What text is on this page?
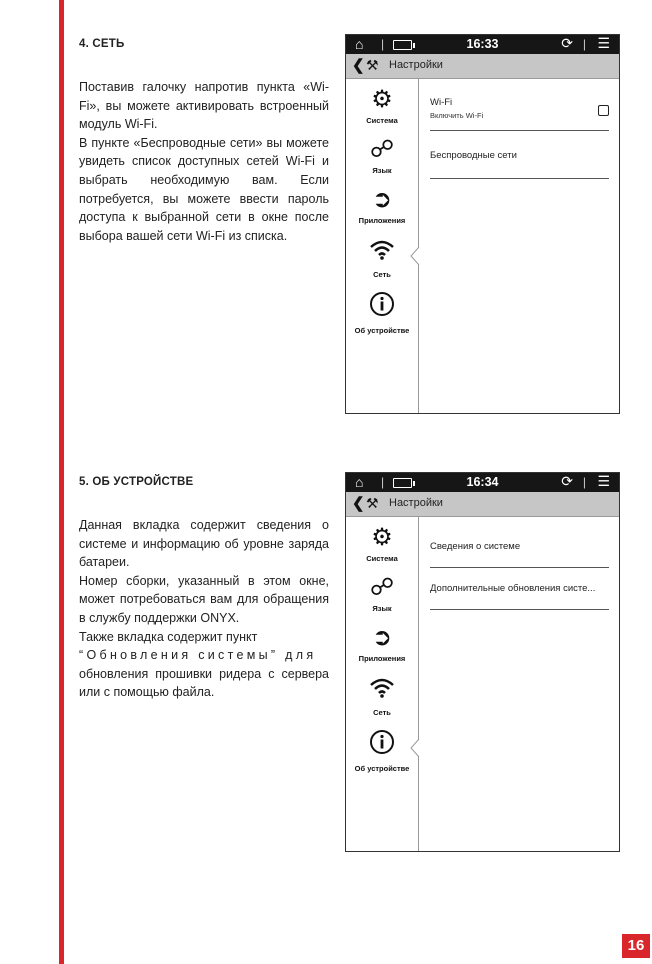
4. СЕТЬ

Поставив галочку напротив пункта «Wi-Fi», вы можете активировать встроенный модуль Wi-Fi.

В пункте «Беспроводные сети» вы можете увидеть список доступных сетей Wi-Fi и выбрать необходимую вам. Если потребуется, вы можете ввести пароль доступа к выбранной сети в окне после выбора вашей сети Wi-Fi из списка.

⌂ |	16:33	⟳ | ☰
❮ ⚒ Настройки
⚙
Система
☍
Язык
➲
Приложения
Сеть
Об устройстве
Wi-Fi
Включить Wi-Fi
Беспроводные сети
5. ОБ УСТРОЙСТВЕ

Данная вкладка содержит сведения о системе и информацию об уровне заряда батареи.

Номер сборки, указанный в этом окне, может потребоваться вам для обращения в службу поддержки ONYX.

Также вкладка содержит пункт
“Обновления системы” для
обновления прошивки ридера с сервера или с помощью файла.

⌂ |	16:34	⟳ | ☰
❮ ⚒ Настройки
⚙
Система
☍
Язык
➲
Приложения
Сеть
Об устройстве
Сведения о системе
Дополнительные обновления систе...
16
